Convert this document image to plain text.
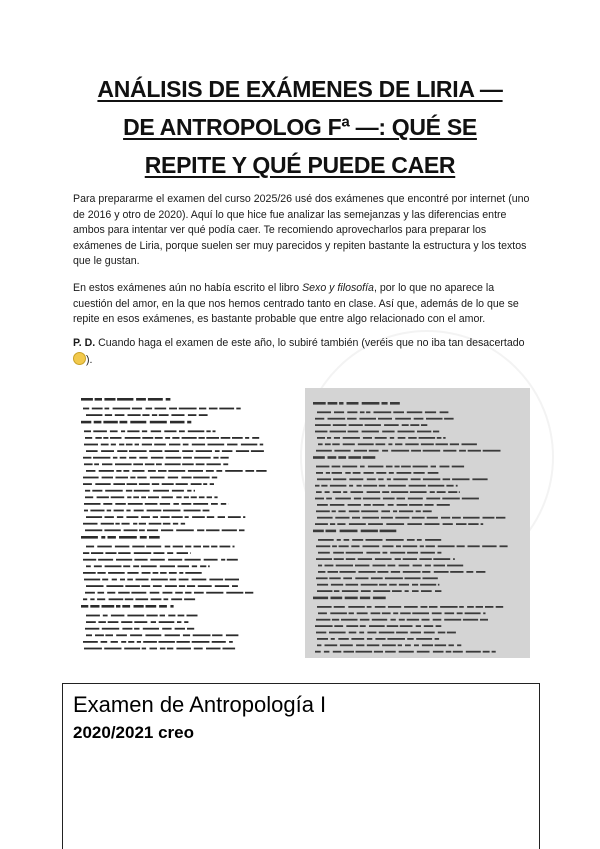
ANÁLISIS DE EXÁMENES DE LIRIA — DE ANTROPOLOG Fª —: QUÉ SE REPITE Y QUÉ PUEDE CAER

Para prepararme el examen del curso 2025/26 usé dos exámenes que encontré por internet (uno de 2016 y otro de 2020). Aquí lo que hice fue analizar las semejanzas y las diferencias entre ambos para intentar ver qué podía caer. Te recomiendo aprovecharlos para preparar los exámenes de Liria, porque suelen ser muy parecidos y repiten bastante la estructura y los textos que le gustan.

En estos exámenes aún no había escrito el libro Sexo y filosofía, por lo que no aparece la cuestión del amor, en la que nos hemos centrado tanto en clase. Así que, además de lo que se repite en esos exámenes, es bastante probable que entre algo relacionado con el amor.

P. D. Cuando haga el examen de este año, lo subiré también (veréis que no iba tan desacertado ).

Examen de Antropología I
2020/2021 creo
